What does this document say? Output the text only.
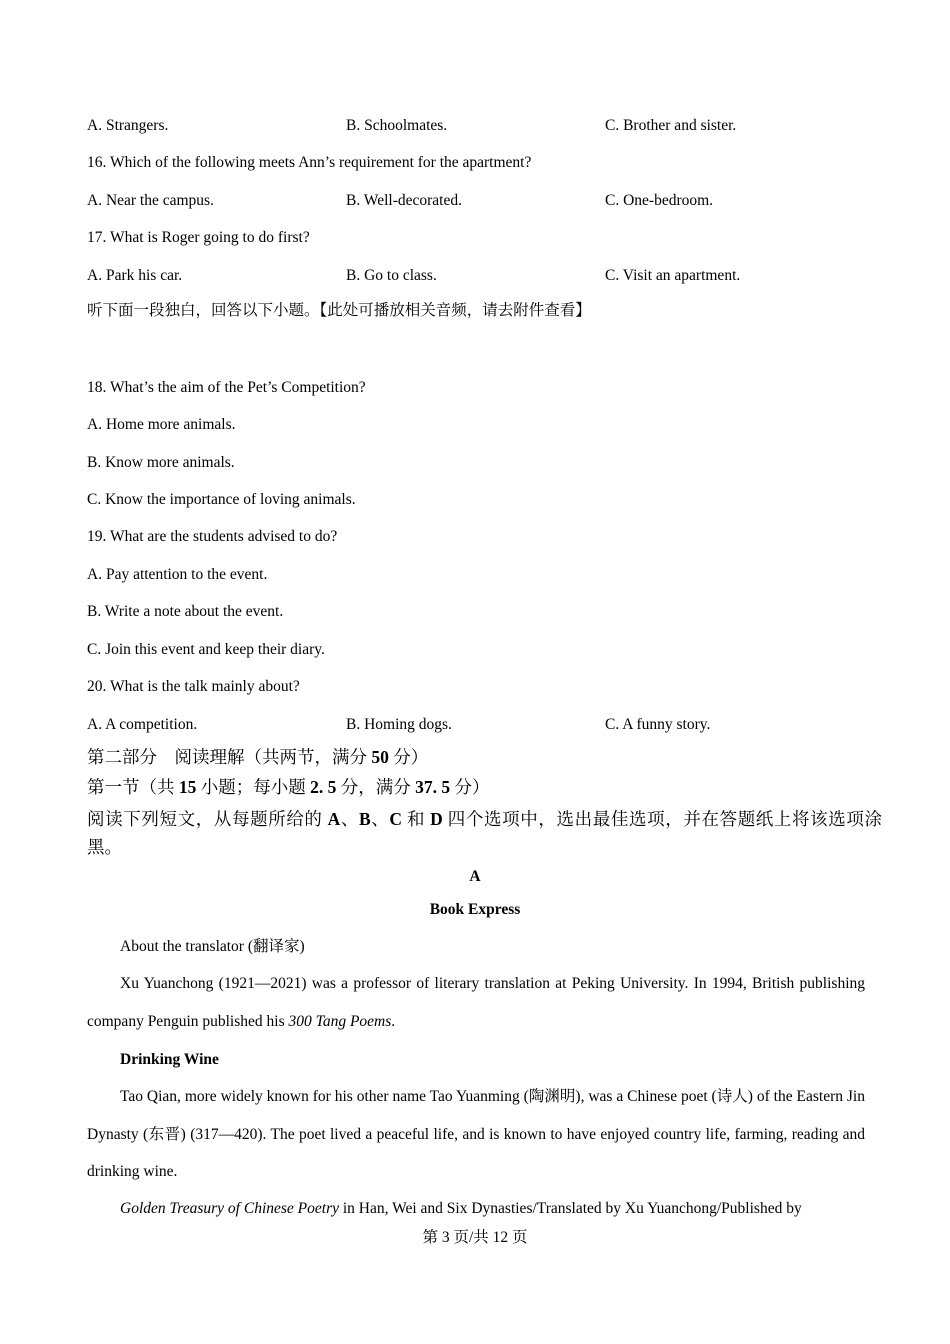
A. Strangers.	B. Schoolmates.	C. Brother and sister.
16. Which of the following meets Ann’s requirement for the apartment?
A. Near the campus.	B. Well-decorated.	C. One-bedroom.
17. What is Roger going to do first?
A. Park his car.	B. Go to class.	C. Visit an apartment.
听下面一段独白，回答以下小题。【此处可播放相关音频，请去附件查看】
18. What’s the aim of the Pet’s Competition?
A. Home more animals.
B. Know more animals.
C. Know the importance of loving animals.
19. What are the students advised to do?
A. Pay attention to the event.
B. Write a note about the event.
C. Join this event and keep their diary.
20. What is the talk mainly about?
A. A competition.	B. Homing dogs.	C. A funny story.
第二部分　阅读理解（共两节，满分 50 分）
第一节（共 15 小题；每小题 2. 5 分，满分 37. 5 分）
阅读下列短文，从每题所给的 A、B、C 和 D 四个选项中，选出最佳选项，并在答题纸上将该选项涂黑。
A
Book Express
About the translator (翻译家)
Xu Yuanchong (1921—2021) was a professor of literary translation at Peking University. In 1994, British publishing company Penguin published his 300 Tang Poems.
Drinking Wine
Tao Qian, more widely known for his other name Tao Yuanming (陶渊明), was a Chinese poet (诗人) of the Eastern Jin Dynasty (东晋) (317—420). The poet lived a peaceful life, and is known to have enjoyed country life, farming, reading and drinking wine.
Golden Treasury of Chinese Poetry in Han, Wei and Six Dynasties/Translated by Xu Yuanchong/Published by
第 3 页/共 12 页
